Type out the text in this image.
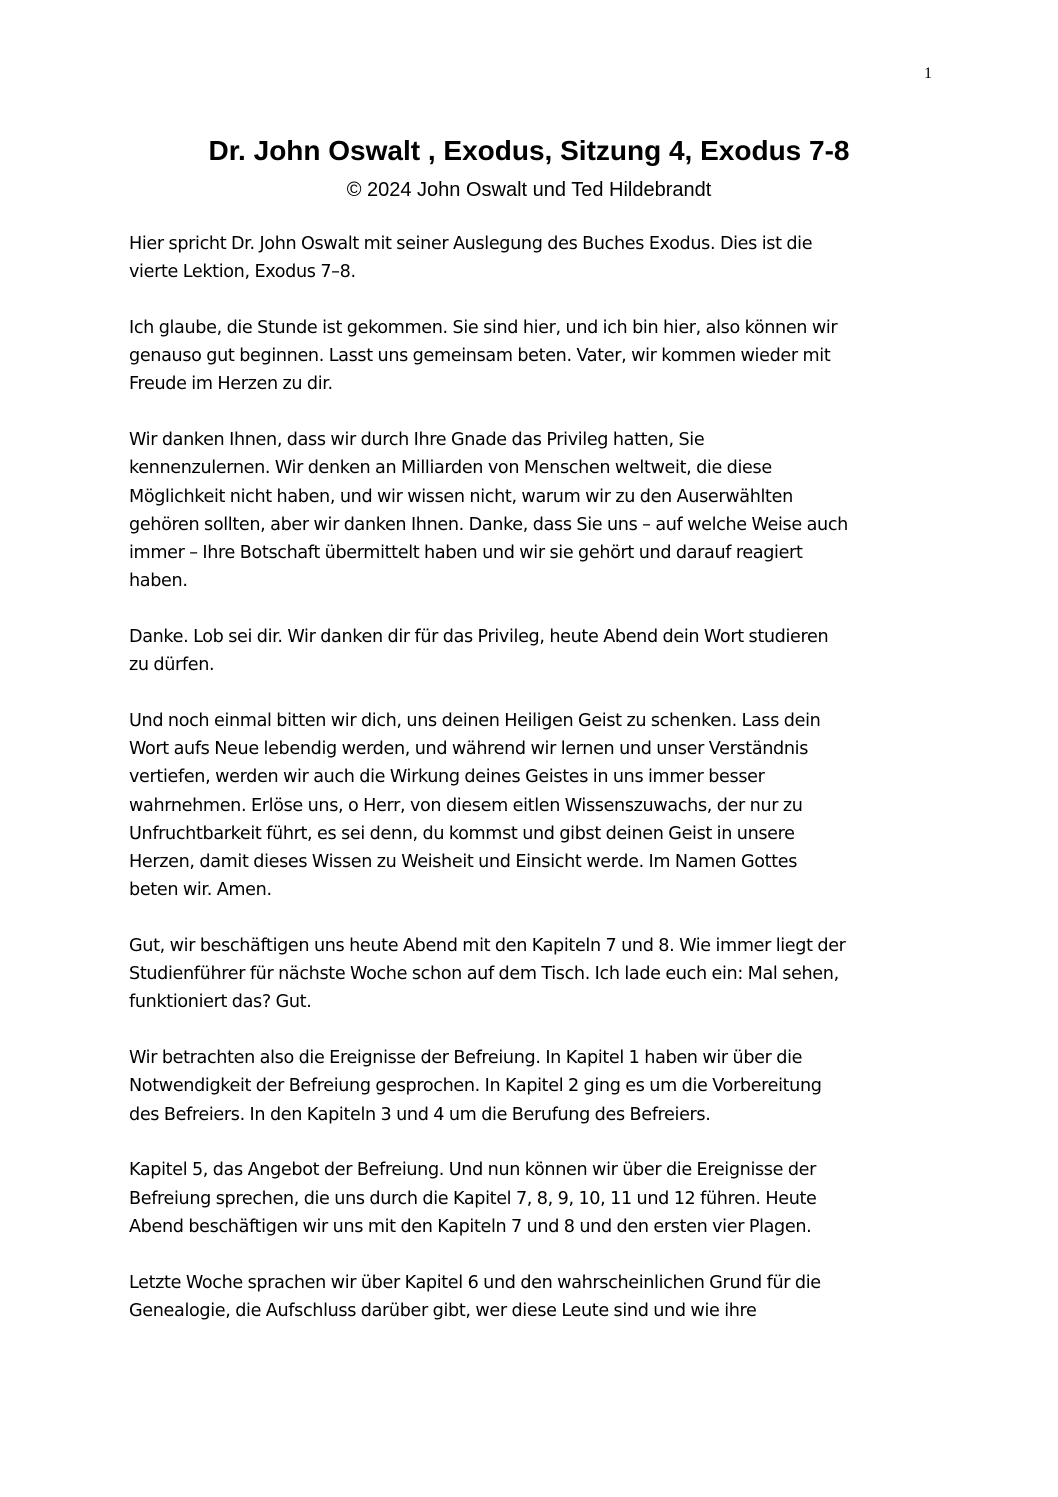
1
Dr. John Oswalt , Exodus, Sitzung 4, Exodus 7-8
© 2024 John Oswalt und Ted Hildebrandt

Hier spricht Dr. John Oswalt mit seiner Auslegung des Buches Exodus. Dies ist die
vierte Lektion, Exodus 7–8.

Ich glaube, die Stunde ist gekommen. Sie sind hier, und ich bin hier, also können wir
genauso gut beginnen. Lasst uns gemeinsam beten. Vater, wir kommen wieder mit
Freude im Herzen zu dir.

Wir danken Ihnen, dass wir durch Ihre Gnade das Privileg hatten, Sie
kennenzulernen. Wir denken an Milliarden von Menschen weltweit, die diese
Möglichkeit nicht haben, und wir wissen nicht, warum wir zu den Auserwählten
gehören sollten, aber wir danken Ihnen. Danke, dass Sie uns – auf welche Weise auch
immer – Ihre Botschaft übermittelt haben und wir sie gehört und darauf reagiert
haben.

Danke. Lob sei dir. Wir danken dir für das Privileg, heute Abend dein Wort studieren
zu dürfen.

Und noch einmal bitten wir dich, uns deinen Heiligen Geist zu schenken. Lass dein
Wort aufs Neue lebendig werden, und während wir lernen und unser Verständnis
vertiefen, werden wir auch die Wirkung deines Geistes in uns immer besser
wahrnehmen. Erlöse uns, o Herr, von diesem eitlen Wissenszuwachs, der nur zu
Unfruchtbarkeit führt, es sei denn, du kommst und gibst deinen Geist in unsere
Herzen, damit dieses Wissen zu Weisheit und Einsicht werde. Im Namen Gottes
beten wir. Amen.

Gut, wir beschäftigen uns heute Abend mit den Kapiteln 7 und 8. Wie immer liegt der
Studienführer für nächste Woche schon auf dem Tisch. Ich lade euch ein: Mal sehen,
funktioniert das? Gut.

Wir betrachten also die Ereignisse der Befreiung. In Kapitel 1 haben wir über die
Notwendigkeit der Befreiung gesprochen. In Kapitel 2 ging es um die Vorbereitung
des Befreiers. In den Kapiteln 3 und 4 um die Berufung des Befreiers.

Kapitel 5, das Angebot der Befreiung. Und nun können wir über die Ereignisse der
Befreiung sprechen, die uns durch die Kapitel 7, 8, 9, 10, 11 und 12 führen. Heute
Abend beschäftigen wir uns mit den Kapiteln 7 und 8 und den ersten vier Plagen.

Letzte Woche sprachen wir über Kapitel 6 und den wahrscheinlichen Grund für die
Genealogie, die Aufschluss darüber gibt, wer diese Leute sind und wie ihre
